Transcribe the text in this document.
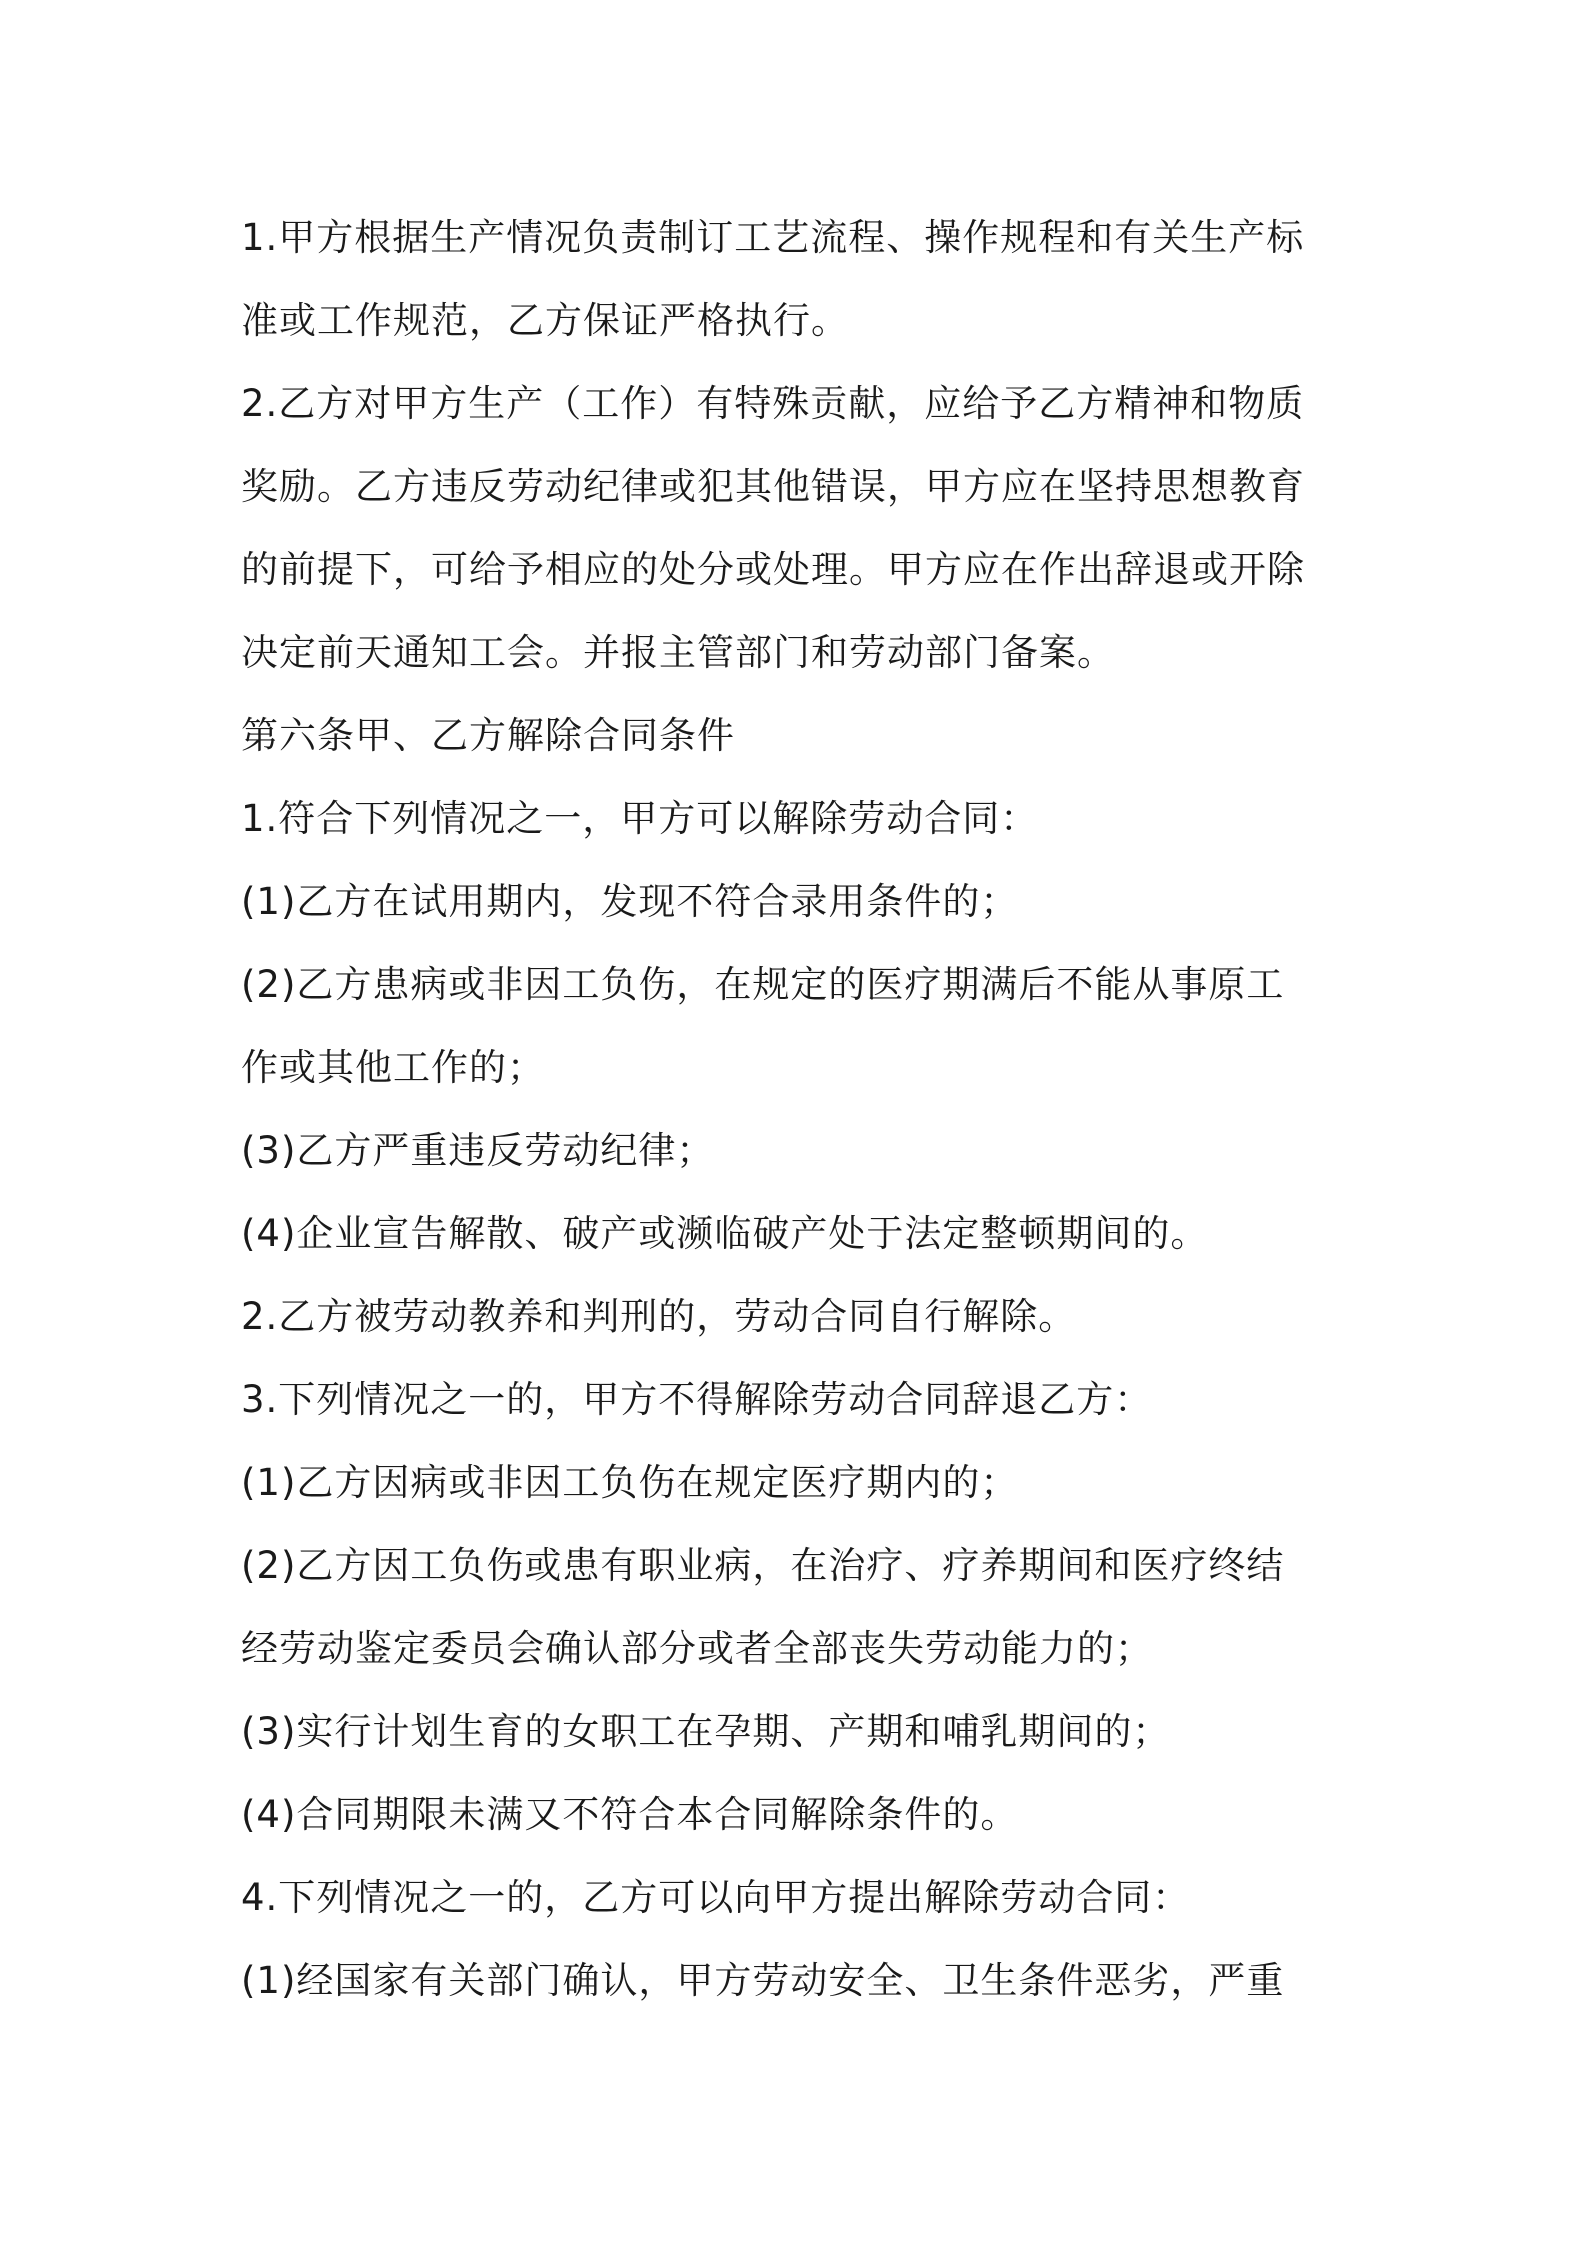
1.甲方根据生产情况负责制订工艺流程、操作规程和有关生产标
准或工作规范，乙方保证严格执行。
2.乙方对甲方生产（工作）有特殊贡献，应给予乙方精神和物质
奖励。乙方违反劳动纪律或犯其他错误，甲方应在坚持思想教育
的前提下，可给予相应的处分或处理。甲方应在作出辞退或开除
决定前天通知工会。并报主管部门和劳动部门备案。
第六条甲、乙方解除合同条件
1.符合下列情况之一，甲方可以解除劳动合同：
(1)乙方在试用期内，发现不符合录用条件的；
(2)乙方患病或非因工负伤，在规定的医疗期满后不能从事原工
作或其他工作的；
(3)乙方严重违反劳动纪律；
(4)企业宣告解散、破产或濒临破产处于法定整顿期间的。
2.乙方被劳动教养和判刑的，劳动合同自行解除。
3.下列情况之一的，甲方不得解除劳动合同辞退乙方：
(1)乙方因病或非因工负伤在规定医疗期内的；
(2)乙方因工负伤或患有职业病，在治疗、疗养期间和医疗终结
经劳动鉴定委员会确认部分或者全部丧失劳动能力的；
(3)实行计划生育的女职工在孕期、产期和哺乳期间的；
(4)合同期限未满又不符合本合同解除条件的。
4.下列情况之一的，乙方可以向甲方提出解除劳动合同：
(1)经国家有关部门确认，甲方劳动安全、卫生条件恶劣，严重
